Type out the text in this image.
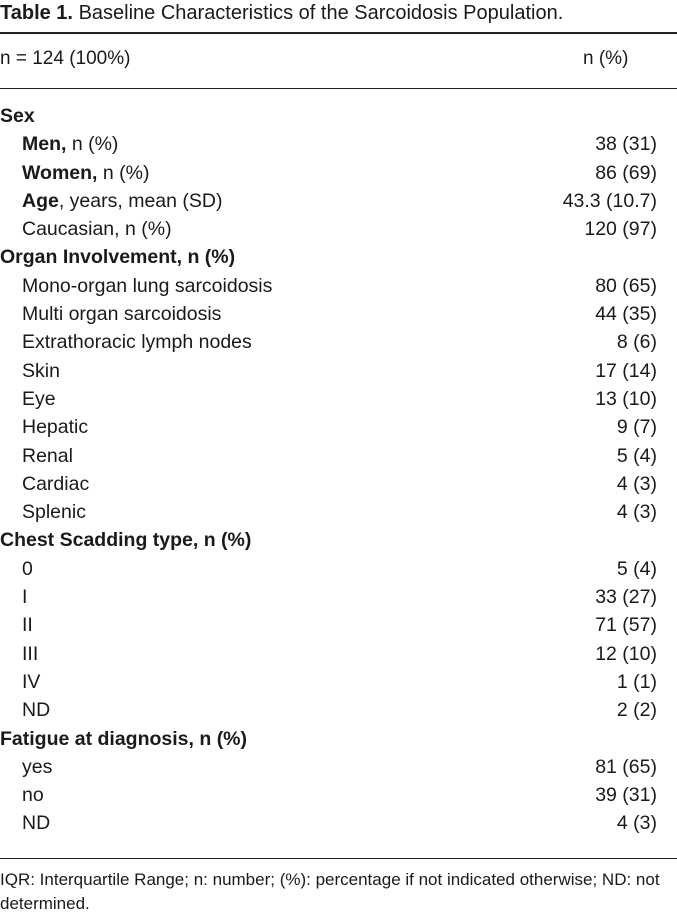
Table 1. Baseline Characteristics of the Sarcoidosis Population.
n = 124 (100%)	n (%)
Sex
Men, n (%)	38 (31)
Women, n (%)	86 (69)
Age, years, mean (SD)	43.3 (10.7)
Caucasian, n (%)	120 (97)
Organ Involvement, n (%)
Mono-organ lung sarcoidosis	80 (65)
Multi organ sarcoidosis	44 (35)
Extrathoracic lymph nodes	8 (6)
Skin	17 (14)
Eye	13 (10)
Hepatic	9 (7)
Renal	5 (4)
Cardiac	4 (3)
Splenic	4 (3)
Chest Scadding type, n (%)
0	5 (4)
I	33 (27)
II	71 (57)
III	12 (10)
IV	1 (1)
ND	2 (2)
Fatigue at diagnosis, n (%)
yes	81 (65)
no	39 (31)
ND	4 (3)
IQR: Interquartile Range; n: number; (%): percentage if not indicated otherwise; ND: not determined.
